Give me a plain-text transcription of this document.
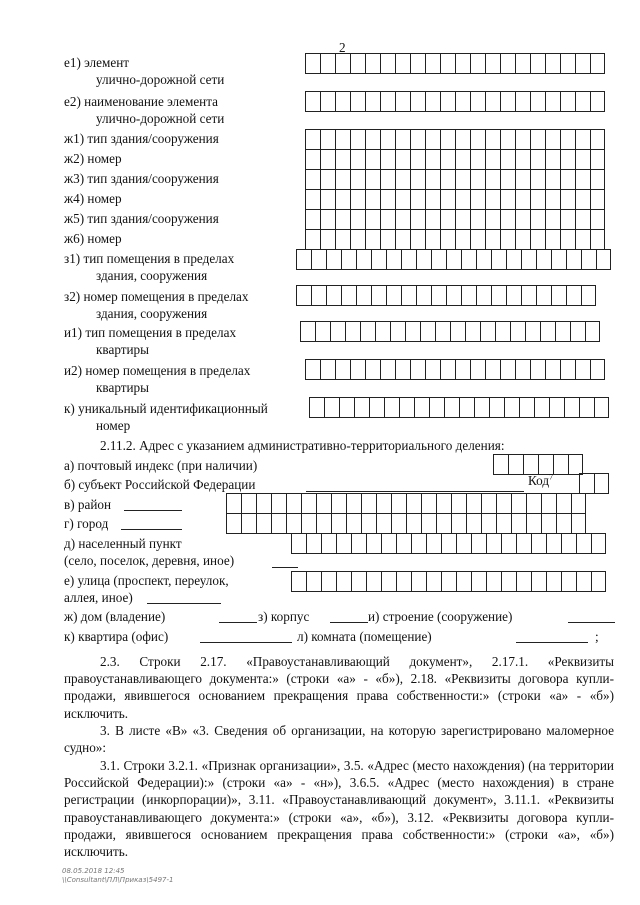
2
е1) элемент
улично-дорожной сети
е2) наименование элемента
улично-дорожной сети
ж1) тип здания/сооружения
ж2) номер
ж3) тип здания/сооружения
ж4) номер
ж5) тип здания/сооружения
ж6) номер
з1) тип помещения в пределах
здания, сооружения
з2) номер помещения в пределах
здания, сооружения
и1) тип помещения в пределах
квартиры
и2) номер помещения в пределах
квартиры
к) уникальный идентификационный
номер
2.11.2. Адрес с указанием административно-территориального деления:
а) почтовый индекс (при наличии)
б) субъект Российской Федерации	Код$^7$
в) район
г) город
д) населенный пункт
(село, поселок, деревня, иное)
е) улица (проспект, переулок,
аллея, иное)
ж) дом (владение)	з) корпус	и) строение (сооружение)
к) квартира (офис)	л) комната (помещение)	;
2.3. Строки 2.17. «Правоустанавливающий документ», 2.17.1. «Реквизиты правоустанавливающего документа:» (строки «а» - «б»), 2.18. «Реквизиты договора купли-продажи, явившегося основанием прекращения права собственности:» (строки «а» - «б») исключить.
3. В листе «В» «3. Сведения об организации, на которую зарегистрировано маломерное судно»:
3.1. Строки 3.2.1. «Признак организации», 3.5. «Адрес (место нахождения) (на территории Российской Федерации):» (строки «а» - «н»), 3.6.5. «Адрес (место нахождения) в стране регистрации (инкорпорации)», 3.11. «Правоустанавливающий документ», 3.11.1. «Реквизиты правоустанавливающего документа:» (строки «а», «б»), 3.12. «Реквизиты договора купли-продажи, явившегося основанием прекращения права собственности:» (строки «а», «б») исключить.
08.05.2018 12:45
\\Consultant\ПЛ\Приказ\5497-1
